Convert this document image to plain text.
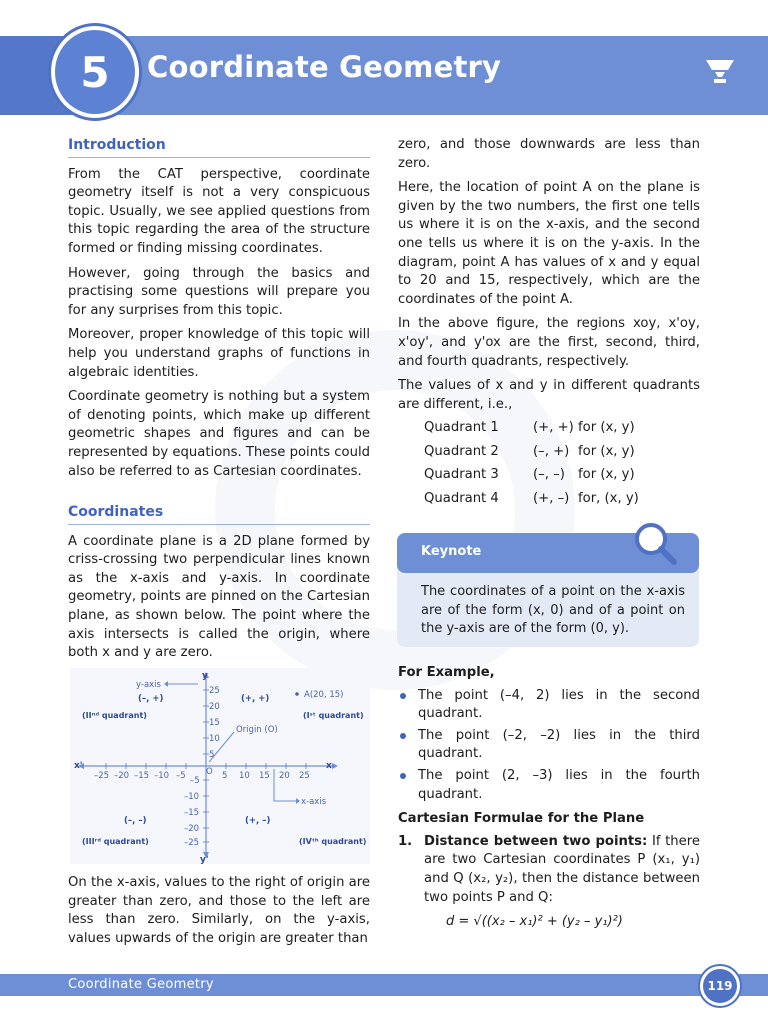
5	Coordinate Geometry
Introduction

From the CAT perspective, coordinate geometry itself is not a very conspicuous topic. Usually, we see applied questions from this topic regarding the area of the structure formed or finding missing coordinates.

However, going through the basics and practising some questions will prepare you for any surprises from this topic.

Moreover, proper knowledge of this topic will help you understand graphs of functions in algebraic identities.

Coordinate geometry is nothing but a system of denoting points, which make up different geometric shapes and figures and can be represented by equations. These points could also be referred to as Cartesian coordinates.

Coordinates

A coordinate plane is a 2D plane formed by criss-crossing two perpendicular lines known as the x-axis and y-axis. In coordinate geometry, points are pinned on the Cartesian plane, as shown below. The point where the axis intersects is called the origin, where both x and y are zero.

–25 –20 –15 –10 –5	5 10 15 20 25
25
20
15
10
5
–5
–10
–15
–20
–25
y
y'
x
x'
O
y-axis
Origin (O)
x-axis
A(20, 15)
(–, +)
(IIⁿᵈ quadrant)
(+, +)
(Iˢᵗ quadrant)
(–, –)
(IIIʳᵈ quadrant)
(+, –)
(IVᵗʰ quadrant)

On the x-axis, values to the right of origin are greater than zero, and those to the left are less than zero. Similarly, on the y-axis, values upwards of the origin are greater than

zero, and those downwards are less than zero.

Here, the location of point A on the plane is given by the two numbers, the first one tells us where it is on the x-axis, and the second one tells us where it is on the y-axis. In the diagram, point A has values of x and y equal to 20 and 15, respectively, which are the coordinates of the point A.

In the above figure, the regions xoy, x'oy, x'oy', and y'ox are the first, second, third, and fourth quadrants, respectively.

The values of x and y in different quadrants are different, i.e.,

Quadrant 1	(+, +)	for (x, y)
Quadrant 2	(–, +)	for (x, y)
Quadrant 3	(–, –)	for (x, y)
Quadrant 4	(+, –)	for, (x, y)
Keynote
The coordinates of a point on the x-axis are of the form (x, 0) and of a point on the y-axis are of the form (0, y).
For Example,
The point (–4, 2) lies in the second quadrant.
The point (–2, –2) lies in the third quadrant.
The point (2, –3) lies in the fourth quadrant.
Cartesian Formulae for the Plane
1. Distance between two points: If there are two Cartesian coordinates P (x₁, y₁) and Q (x₂, y₂), then the distance between two points P and Q:
d = √((x₂ – x₁)² + (y₂ – y₁)²)
Coordinate Geometry	119
